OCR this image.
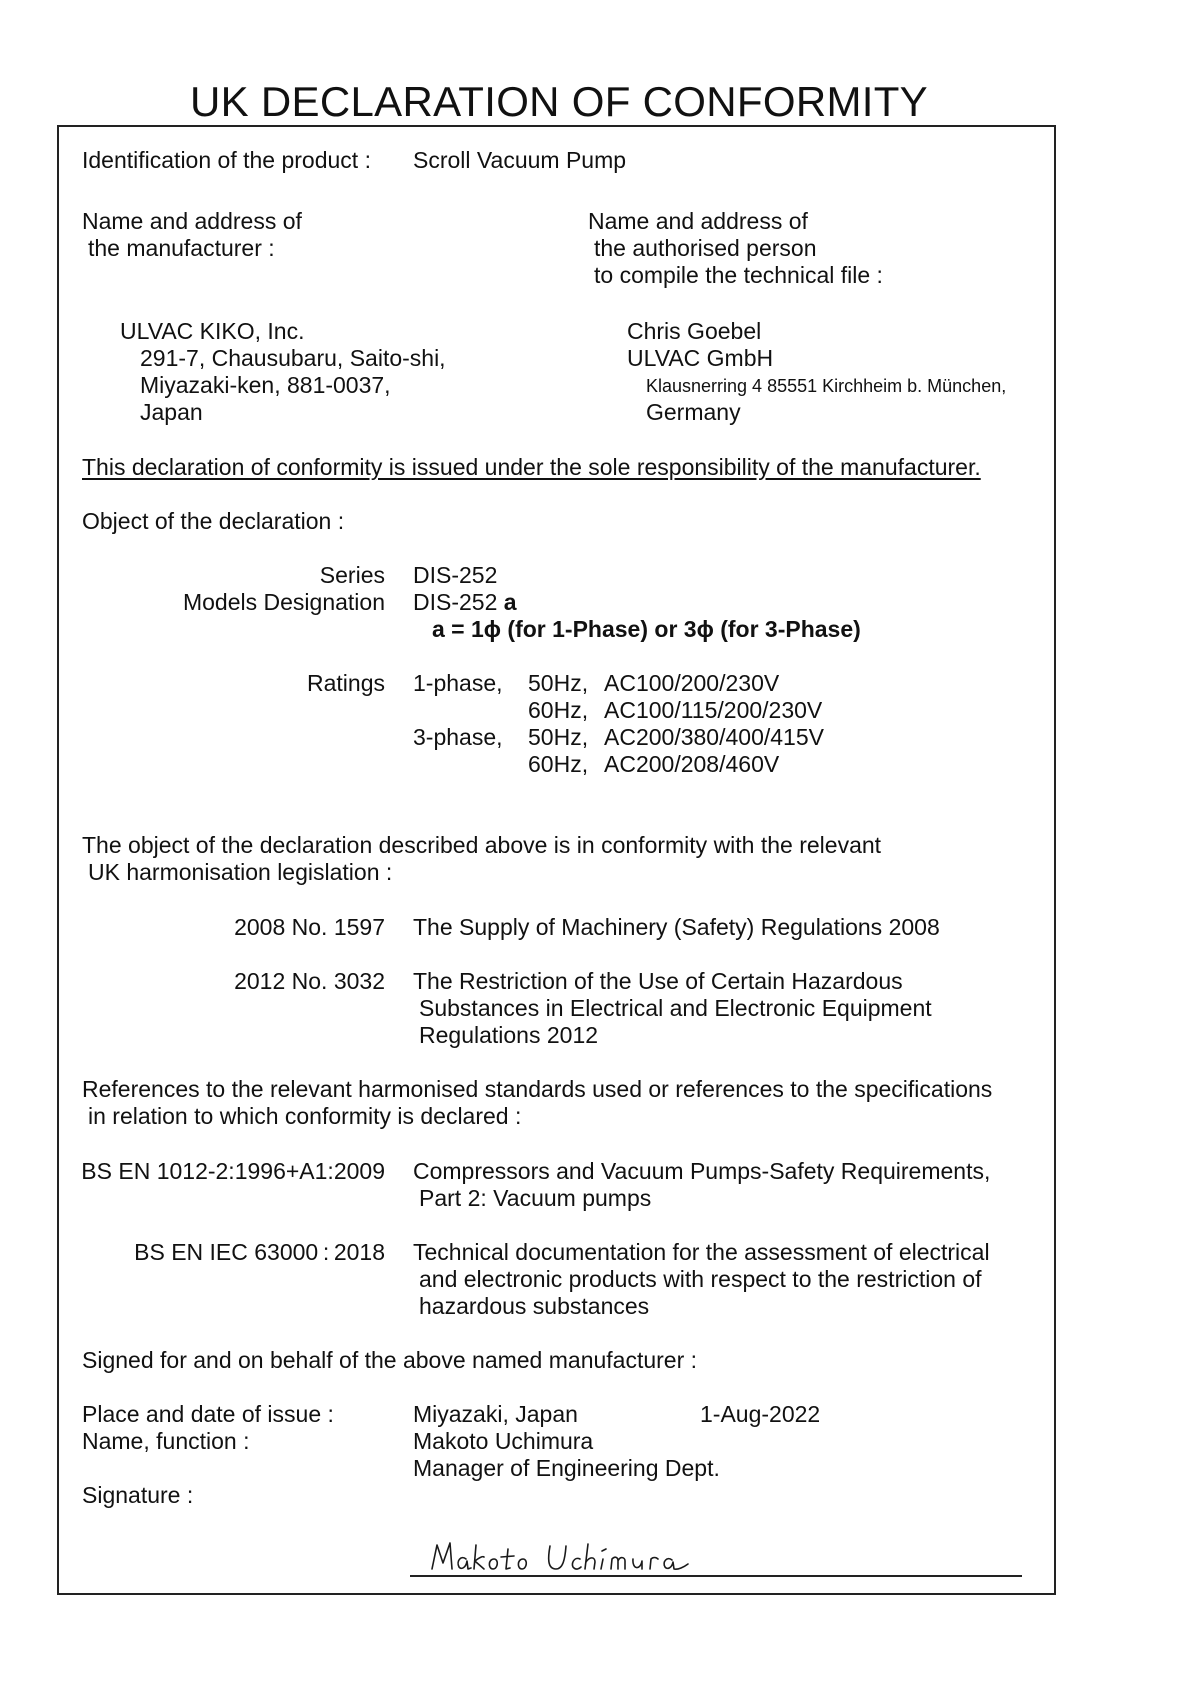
UK DECLARATION OF CONFORMITY
Identification of the product : Scroll Vacuum Pump
Name and address of
the manufacturer :
Name and address of
the authorised person
to compile the technical file :
ULVAC KIKO, Inc.
291-7, Chausubaru, Saito-shi,
Miyazaki-ken, 881-0037,
Japan
Chris Goebel
ULVAC GmbH
Klausnerring 4 85551 Kirchheim b. München,
Germany
This declaration of conformity is issued under the sole responsibility of the manufacturer.
Object of the declaration :
Series DIS-252
Models Designation DIS-252 a
a = 1ϕ (for 1-Phase) or 3ϕ (for 3-Phase)
Ratings 1-phase, 50Hz, AC100/200/230V
60Hz, AC100/115/200/230V
3-phase, 50Hz, AC200/380/400/415V
60Hz, AC200/208/460V
The object of the declaration described above is in conformity with the relevant
UK harmonisation legislation :
2008 No. 1597 The Supply of Machinery (Safety) Regulations 2008
2012 No. 3032 The Restriction of the Use of Certain Hazardous
Substances in Electrical and Electronic Equipment
Regulations 2012
References to the relevant harmonised standards used or references to the specifications
in relation to which conformity is declared :
BS EN 1012-2:1996+A1:2009 Compressors and Vacuum Pumps-Safety Requirements,
Part 2: Vacuum pumps
BS EN IEC 63000 : 2018 Technical documentation for the assessment of electrical
and electronic products with respect to the restriction of
hazardous substances
Signed for and on behalf of the above named manufacturer :
Place and date of issue :	Miyazaki, Japan	1-Aug-2022
Name, function :	Makoto Uchimura
Manager of Engineering Dept.
Signature :
